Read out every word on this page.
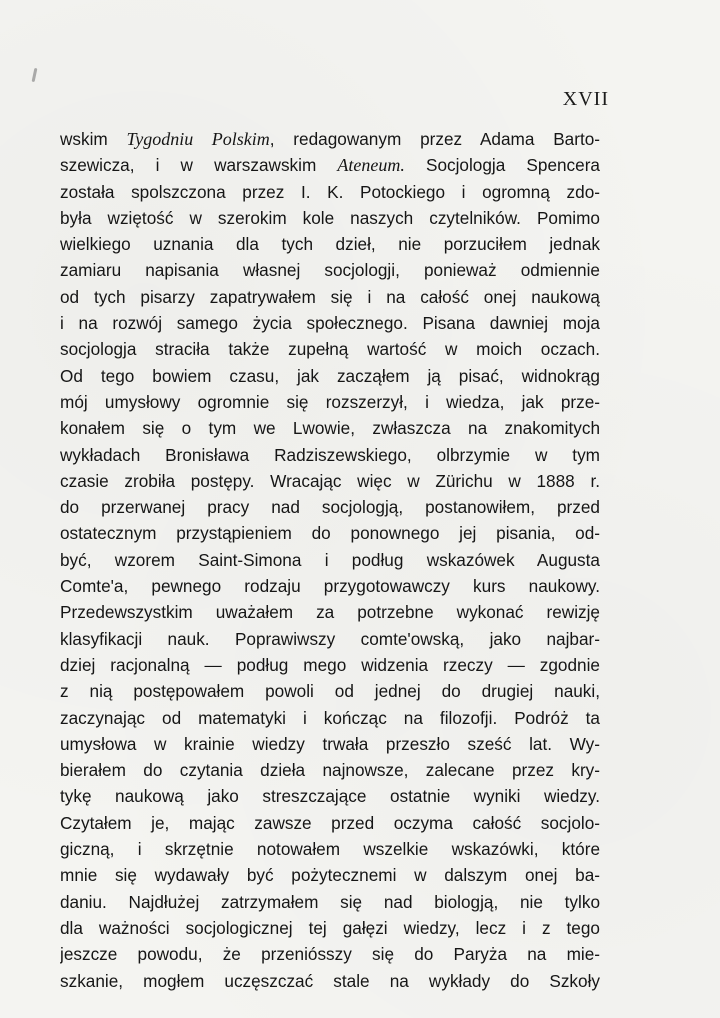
XVII
wskim Tygodniu Polskim, redagowanym przez Adama Barto-
szewicza, i w warszawskim Ateneum. Socjologja Spencera
została spolszczona przez I. K. Potockiego i ogromną zdo-
była wziętość w szerokim kole naszych czytelników. Pomimo
wielkiego uznania dla tych dzieł, nie porzuciłem jednak
zamiaru napisania własnej socjologji, ponieważ odmiennie
od tych pisarzy zapatrywałem się i na całość onej naukową
i na rozwój samego życia społecznego. Pisana dawniej moja
socjologja straciła także zupełną wartość w moich oczach.
Od tego bowiem czasu, jak zacząłem ją pisać, widnokrąg
mój umysłowy ogromnie się rozszerzył, i wiedza, jak prze-
konałem się o tym we Lwowie, zwłaszcza na znakomitych
wykładach Bronisława Radziszewskiego, olbrzymie w tym
czasie zrobiła postępy. Wracając więc w Zürichu w 1888 r.
do przerwanej pracy nad socjologją, postanowiłem, przed
ostatecznym przystąpieniem do ponownego jej pisania, od-
być, wzorem Saint-Simona i podług wskazówek Augusta
Comte'a, pewnego rodzaju przygotowawczy kurs naukowy.
Przedewszystkim uważałem za potrzebne wykonać rewizję
klasyfikacji nauk. Poprawiwszy comte'owską, jako najbar-
dziej racjonalną — podług mego widzenia rzeczy — zgodnie
z nią postępowałem powoli od jednej do drugiej nauki,
zaczynając od matematyki i kończąc na filozofji. Podróż ta
umysłowa w krainie wiedzy trwała przeszło sześć lat. Wy-
bierałem do czytania dzieła najnowsze, zalecane przez kry-
tykę naukową jako streszczające ostatnie wyniki wiedzy.
Czytałem je, mając zawsze przed oczyma całość socjolo-
giczną, i skrzętnie notowałem wszelkie wskazówki, które
mnie się wydawały być pożytecznemi w dalszym onej ba-
daniu. Najdłużej zatrzymałem się nad biologją, nie tylko
dla ważności socjologicznej tej gałęzi wiedzy, lecz i z tego
jeszcze powodu, że przeniósszy się do Paryża na mie-
szkanie, mogłem uczęszczać stale na wykłady do Szkoły
